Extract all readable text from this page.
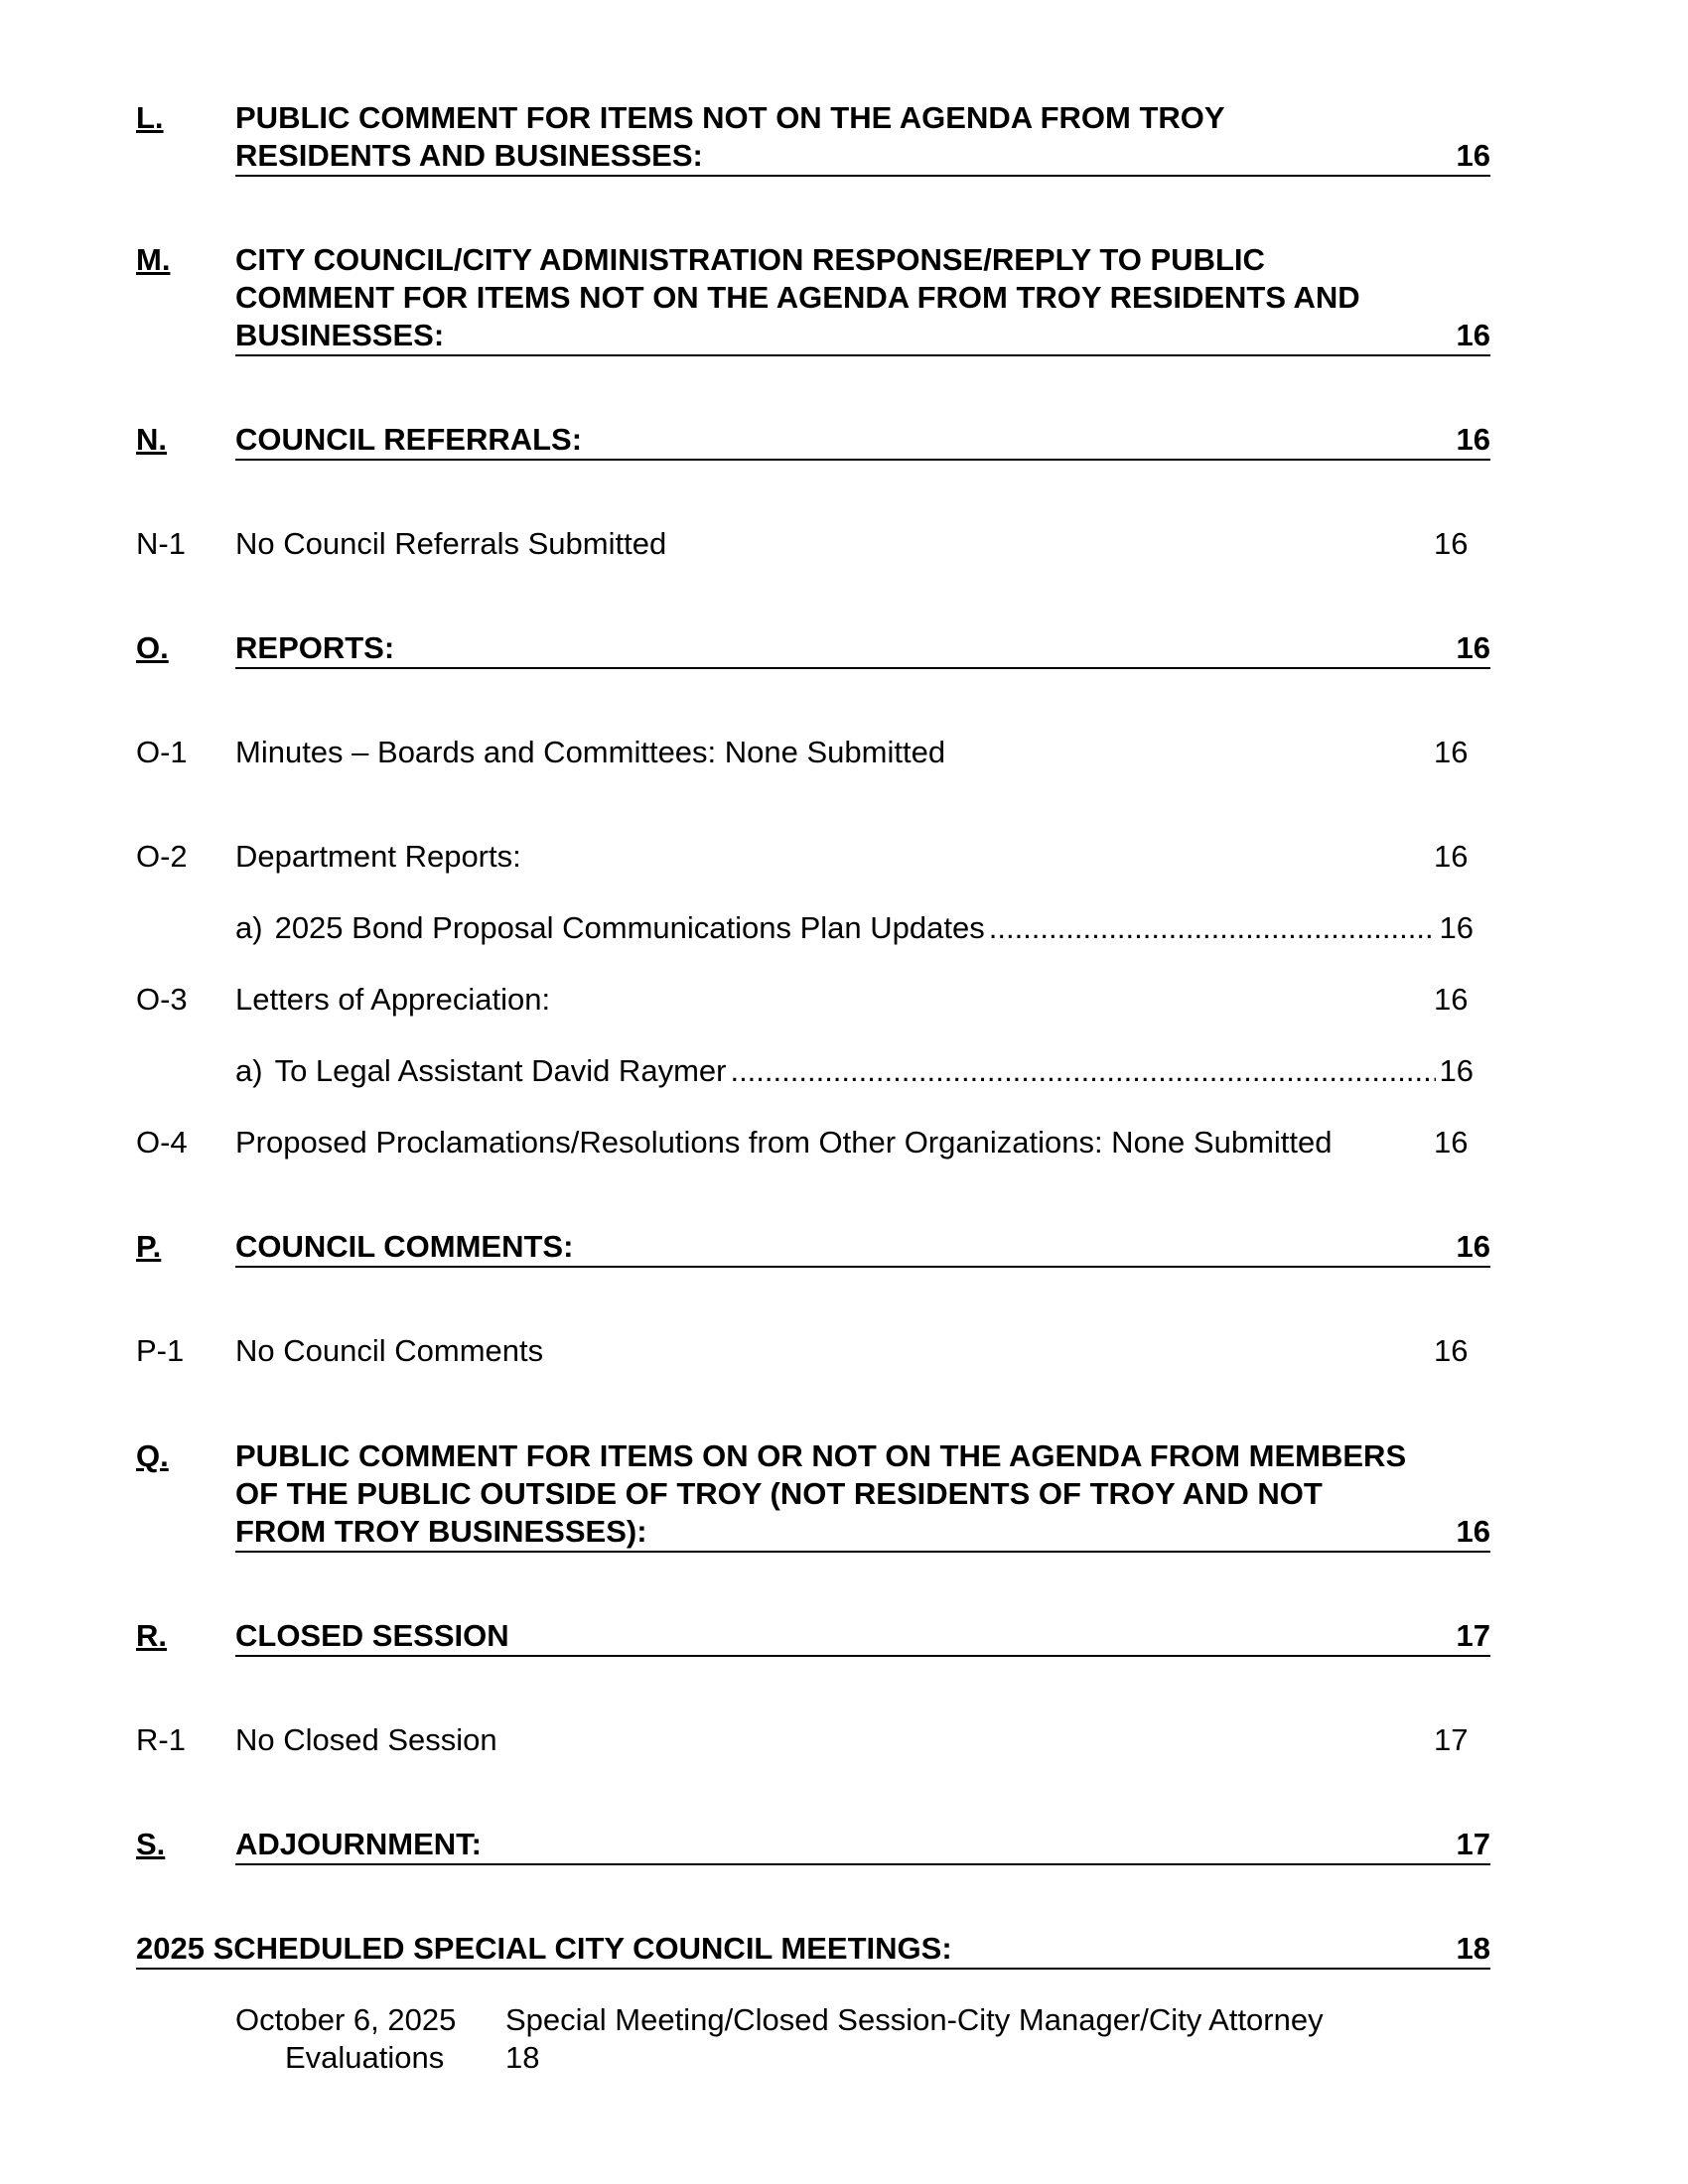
L. PUBLIC COMMENT FOR ITEMS NOT ON THE AGENDA FROM TROY
RESIDENTS AND BUSINESSES:	16
M. CITY COUNCIL/CITY ADMINISTRATION RESPONSE/REPLY TO PUBLIC
COMMENT FOR ITEMS NOT ON THE AGENDA FROM TROY RESIDENTS AND
BUSINESSES:	16
N. COUNCIL REFERRALS:	16
N-1 No Council Referrals Submitted	16
O. REPORTS:	16
O-1 Minutes – Boards and Committees: None Submitted	16
O-2 Department Reports:	16
a) 2025 Bond Proposal Communications Plan Updates .....	16
O-3 Letters of Appreciation:	16
a) To Legal Assistant David Raymer .....	16
O-4 Proposed Proclamations/Resolutions from Other Organizations: None Submitted	16
P. COUNCIL COMMENTS:	16
P-1 No Council Comments	16
Q. PUBLIC COMMENT FOR ITEMS ON OR NOT ON THE AGENDA FROM MEMBERS
OF THE PUBLIC OUTSIDE OF TROY (NOT RESIDENTS OF TROY AND NOT
FROM TROY BUSINESSES):	16
R. CLOSED SESSION	17
R-1 No Closed Session	17
S. ADJOURNMENT:	17
2025 SCHEDULED SPECIAL CITY COUNCIL MEETINGS:	18
October 6, 2025 Special Meeting/Closed Session-City Manager/City Attorney
Evaluations 18
